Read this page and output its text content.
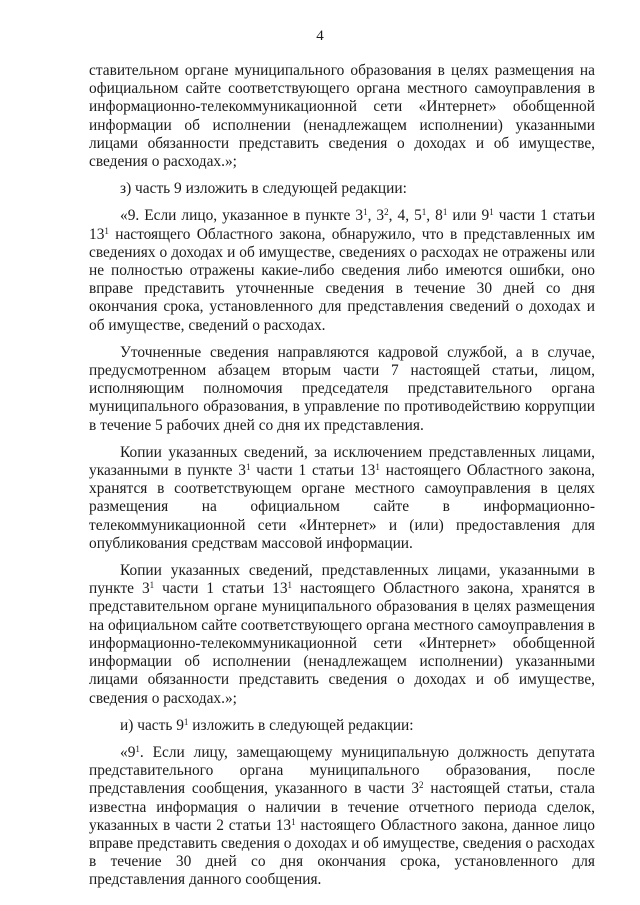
4

ставительном органе муниципального образования в целях размещения на официальном сайте соответствующего органа местного самоуправления в информационно-телекоммуникационной сети «Интернет» обобщенной информации об исполнении (ненадлежащем исполнении) указанными лицами обязанности представить сведения о доходах и об имуществе, сведения о расходах.»;

з) часть 9 изложить в следующей редакции:

«9. Если лицо, указанное в пункте $3^1$, $3^2$, 4, $5^1$, $8^1$ или $9^1$ части 1 статьи $13^1$ настоящего Областного закона, обнаружило, что в представленных им сведениях о доходах и об имуществе, сведениях о расходах не отражены или не полностью отражены какие-либо сведения либо имеются ошибки, оно вправе представить уточненные сведения в течение 30 дней со дня окончания срока, установленного для представления сведений о доходах и об имуществе, сведений о расходах.

Уточненные сведения направляются кадровой службой, а в случае, предусмотренном абзацем вторым части 7 настоящей статьи, лицом, исполняющим полномочия председателя представительного органа муниципального образования, в управление по противодействию коррупции в течение 5 рабочих дней со дня их представления.

Копии указанных сведений, за исключением представленных лицами, указанными в пункте $3^1$ части 1 статьи $13^1$ настоящего Областного закона, хранятся в соответствующем органе местного самоуправления в целях размещения на официальном сайте в информационно-телекоммуникационной сети «Интернет» и (или) предоставления для опубликования средствам массовой информации.

Копии указанных сведений, представленных лицами, указанными в пункте $3^1$ части 1 статьи $13^1$ настоящего Областного закона, хранятся в представительном органе муниципального образования в целях размещения на официальном сайте соответствующего органа местного самоуправления в информационно-телекоммуникационной сети «Интернет» обобщенной информации об исполнении (ненадлежащем исполнении) указанными лицами обязанности представить сведения о доходах и об имуществе, сведения о расходах.»;

и) часть $9^1$ изложить в следующей редакции:

«$9^1$. Если лицу, замещающему муниципальную должность депутата представительного органа муниципального образования, после представления сообщения, указанного в части $3^2$ настоящей статьи, стала известна информация о наличии в течение отчетного периода сделок, указанных в части 2 статьи $13^1$ настоящего Областного закона, данное лицо вправе представить сведения о доходах и об имуществе, сведения о расходах в течение 30 дней со дня окончания срока, установленного для представления данного сообщения.
